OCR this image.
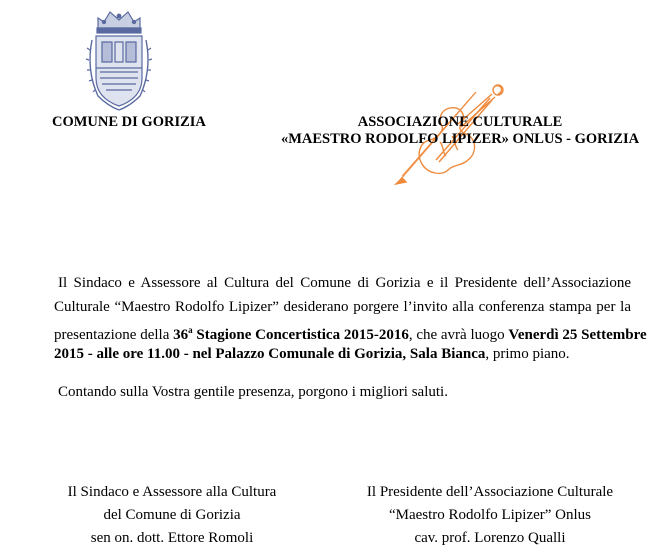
COMUNE DI GORIZIA	ASSOCIAZIONE CULTURALE
«MAESTRO RODOLFO LIPIZER» ONLUS - GORIZIA
Il Sindaco e Assessore al Cultura del Comune di Gorizia e il Presidente dell’Associazione
Culturale “Maestro Rodolfo Lipizer” desiderano porgere l’invito alla conferenza stampa per la
presentazione della 36$^a$ Stagione Concertistica 2015-2016, che avrà luogo Venerdì 25 Settembre
2015 - alle ore 11.00 - nel Palazzo Comunale di Gorizia, Sala Bianca, primo piano.
Contando sulla Vostra gentile presenza, porgono i migliori saluti.
Il Sindaco e Assessore alla Cultura
del Comune di Gorizia
sen on. dott. Ettore Romoli
Il Presidente dell’Associazione Culturale
“Maestro Rodolfo Lipizer” Onlus
cav. prof. Lorenzo Qualli
